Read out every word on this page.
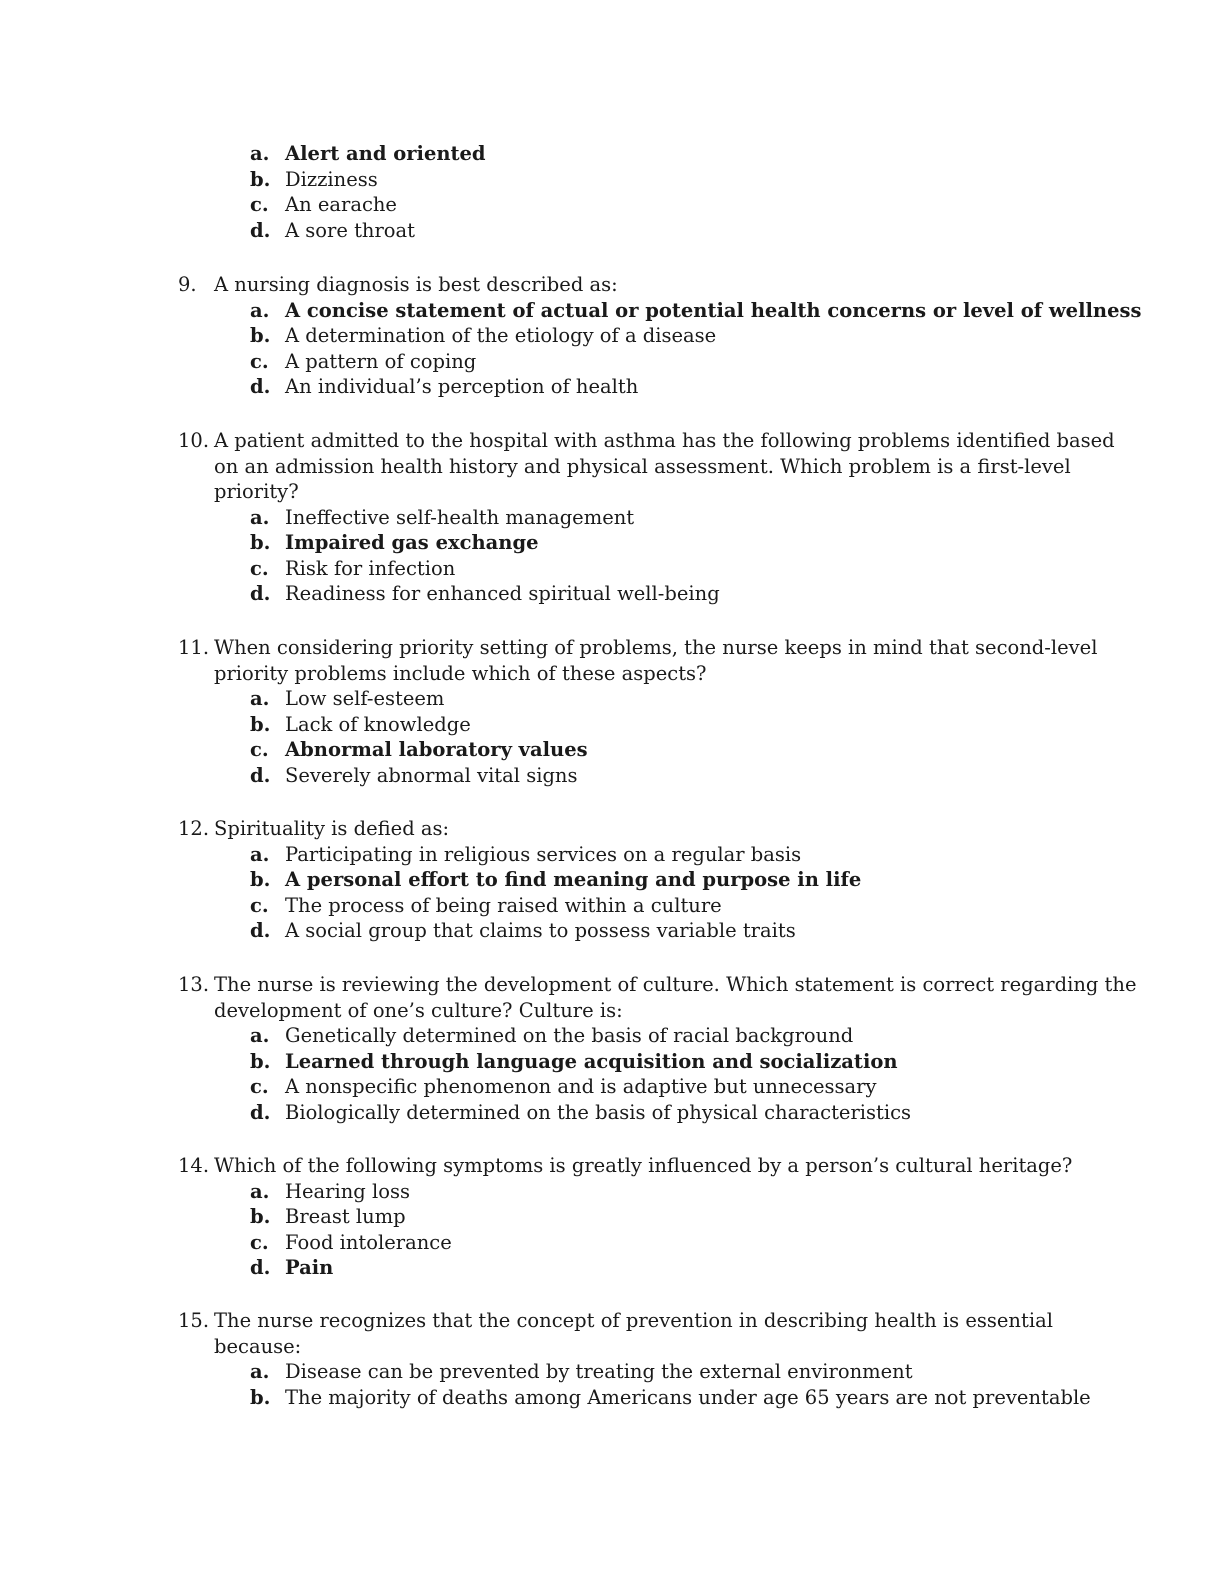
a. Alert and oriented
b. Dizziness
c. An earache
d. A sore throat
9. A nursing diagnosis is best described as:
a. A concise statement of actual or potential health concerns or level of wellness
b. A determination of the etiology of a disease
c. A pattern of coping
d. An individual’s perception of health
10. A patient admitted to the hospital with asthma has the following problems identified based
on an admission health history and physical assessment. Which problem is a first-level
priority?
a. Ineffective self-health management
b. Impaired gas exchange
c. Risk for infection
d. Readiness for enhanced spiritual well-being
11. When considering priority setting of problems, the nurse keeps in mind that second-level
priority problems include which of these aspects?
a. Low self-esteem
b. Lack of knowledge
c. Abnormal laboratory values
d. Severely abnormal vital signs
12. Spirituality is defied as:
a. Participating in religious services on a regular basis
b. A personal effort to find meaning and purpose in life
c. The process of being raised within a culture
d. A social group that claims to possess variable traits
13. The nurse is reviewing the development of culture. Which statement is correct regarding the
development of one’s culture? Culture is:
a. Genetically determined on the basis of racial background
b. Learned through language acquisition and socialization
c. A nonspecific phenomenon and is adaptive but unnecessary
d. Biologically determined on the basis of physical characteristics
14. Which of the following symptoms is greatly influenced by a person’s cultural heritage?
a. Hearing loss
b. Breast lump
c. Food intolerance
d. Pain
15. The nurse recognizes that the concept of prevention in describing health is essential
because:
a. Disease can be prevented by treating the external environment
b. The majority of deaths among Americans under age 65 years are not preventable
